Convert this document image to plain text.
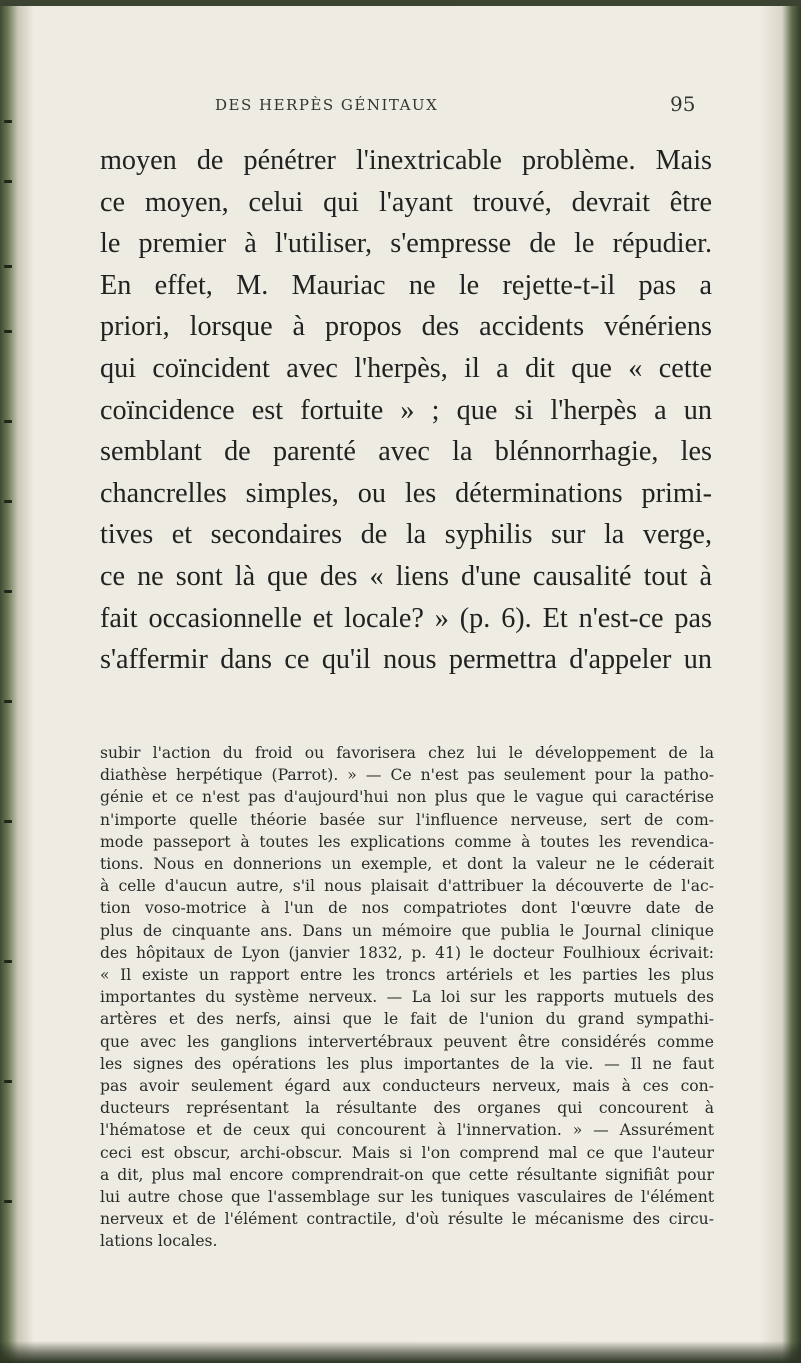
DES HERPÈS GÉNITAUX	95
moyen de pénétrer l'inextricable problème. Mais
ce moyen, celui qui l'ayant trouvé, devrait être
le premier à l'utiliser, s'empresse de le répudier.
En effet, M. Mauriac ne le rejette-t-il pas a
priori, lorsque à propos des accidents vénériens
qui coïncident avec l'herpès, il a dit que « cette
coïncidence est fortuite » ; que si l'herpès a un
semblant de parenté avec la blénnorrhagie, les
chancrelles simples, ou les déterminations primi-
tives et secondaires de la syphilis sur la verge,
ce ne sont là que des « liens d'une causalité tout à
fait occasionnelle et locale? » (p. 6). Et n'est-ce pas
s'affermir dans ce qu'il nous permettra d'appeler un
subir l'action du froid ou favorisera chez lui le développement de la
diathèse herpétique (Parrot). » — Ce n'est pas seulement pour la patho-
génie et ce n'est pas d'aujourd'hui non plus que le vague qui caractérise
n'importe quelle théorie basée sur l'influence nerveuse, sert de com-
mode passeport à toutes les explications comme à toutes les revendica-
tions. Nous en donnerions un exemple, et dont la valeur ne le céderait
à celle d'aucun autre, s'il nous plaisait d'attribuer la découverte de l'ac-
tion voso-motrice à l'un de nos compatriotes dont l'œuvre date de
plus de cinquante ans. Dans un mémoire que publia le Journal clinique
des hôpitaux de Lyon (janvier 1832, p. 41) le docteur Foulhioux écrivait:
« Il existe un rapport entre les troncs artériels et les parties les plus
importantes du système nerveux. — La loi sur les rapports mutuels des
artères et des nerfs, ainsi que le fait de l'union du grand sympathi-
que avec les ganglions intervertébraux peuvent être considérés comme
les signes des opérations les plus importantes de la vie. — Il ne faut
pas avoir seulement égard aux conducteurs nerveux, mais à ces con-
ducteurs représentant la résultante des organes qui concourent à
l'hématose et de ceux qui concourent à l'innervation. » — Assurément
ceci est obscur, archi-obscur. Mais si l'on comprend mal ce que l'auteur
a dit, plus mal encore comprendrait-on que cette résultante signifiât pour
lui autre chose que l'assemblage sur les tuniques vasculaires de l'élément
nerveux et de l'élément contractile, d'où résulte le mécanisme des circu-
lations locales.
